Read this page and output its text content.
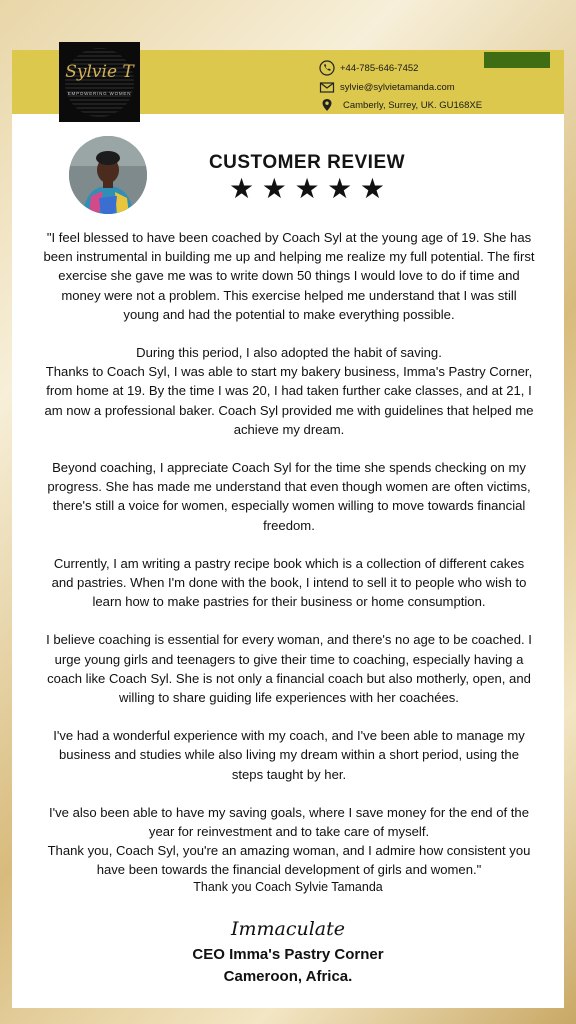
+44-785-646-7452
sylvie@sylvietamanda.com
Camberly, Surrey, UK. GU168XE
Sylvie T
EMPOWERING WOMEN
CUSTOMER REVIEW
★ ★ ★ ★ ★

"I feel blessed to have been coached by Coach Syl at the young age of 19. She has been instrumental in building me up and helping me realize my full potential. The first exercise she gave me was to write down 50 things I would love to do if time and money were not a problem. This exercise helped me understand that I was still young and had the potential to make everything possible.

During this period, I also adopted the habit of saving.

Thanks to Coach Syl, I was able to start my bakery business, Imma's Pastry Corner, from home at 19. By the time I was 20, I had taken further cake classes, and at 21, I am now a professional baker. Coach Syl provided me with guidelines that helped me achieve my dream.

Beyond coaching, I appreciate Coach Syl for the time she spends checking on my progress. She has made me understand that even though women are often victims, there's still a voice for women, especially women willing to move towards financial freedom.

Currently, I am writing a pastry recipe book which is a collection of different cakes and pastries. When I'm done with the book, I intend to sell it to people who wish to learn how to make pastries for their business or home consumption.

I believe coaching is essential for every woman, and there's no age to be coached. I urge young girls and teenagers to give their time to coaching, especially having a coach like Coach Syl. She is not only a financial coach but also motherly, open, and willing to share guiding life experiences with her coachées.

I've had a wonderful experience with my coach, and I've been able to manage my business and studies while also living my dream within a short period, using the steps taught by her.

I've also been able to have my saving goals, where I save money for the end of the year for reinvestment and to take care of myself.

Thank you, Coach Syl, you're an amazing woman, and I admire how consistent you have been towards the financial development of girls and women."

Thank you Coach Sylvie Tamanda
Immaculate
CEO Imma's Pastry Corner
Cameroon, Africa.
